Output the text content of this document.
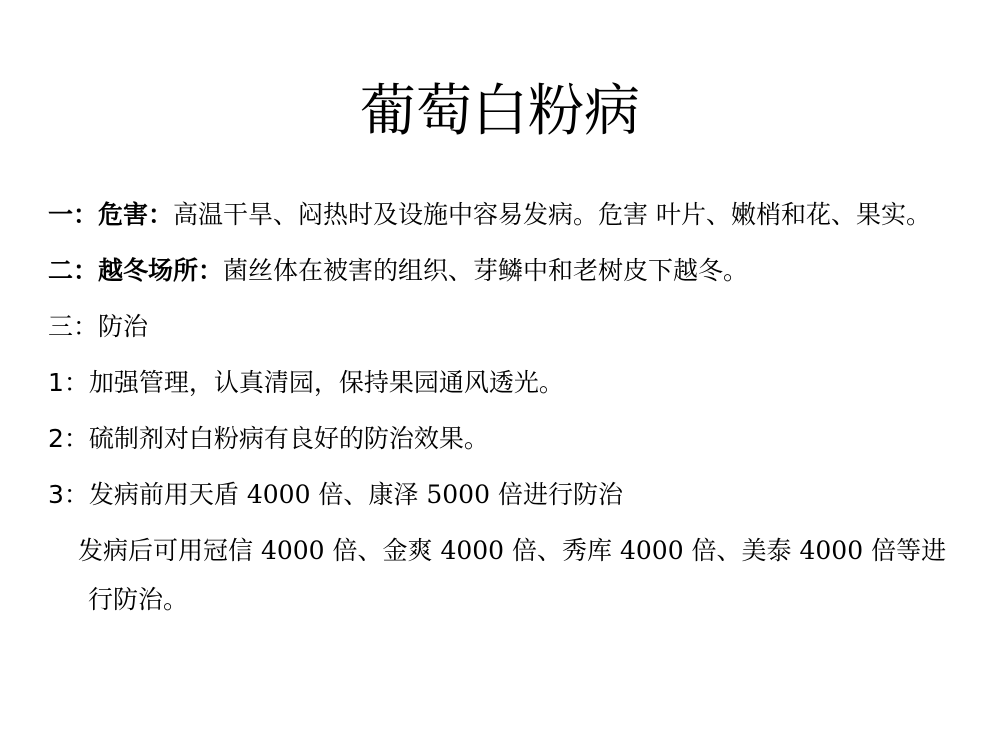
葡萄白粉病

一：危害：高温干旱、闷热时及设施中容易发病。危害 叶片、嫩梢和花、果实。

二：越冬场所：菌丝体在被害的组织、芽鳞中和老树皮下越冬。

三：防治

1：加强管理，认真清园，保持果园通风透光。

2：硫制剂对白粉病有良好的防治效果。

3：发病前用天盾 4000 倍、康泽 5000 倍进行防治

发病后可用冠信 4000 倍、金爽 4000 倍、秀库 4000 倍、美泰 4000 倍等进行防治。
